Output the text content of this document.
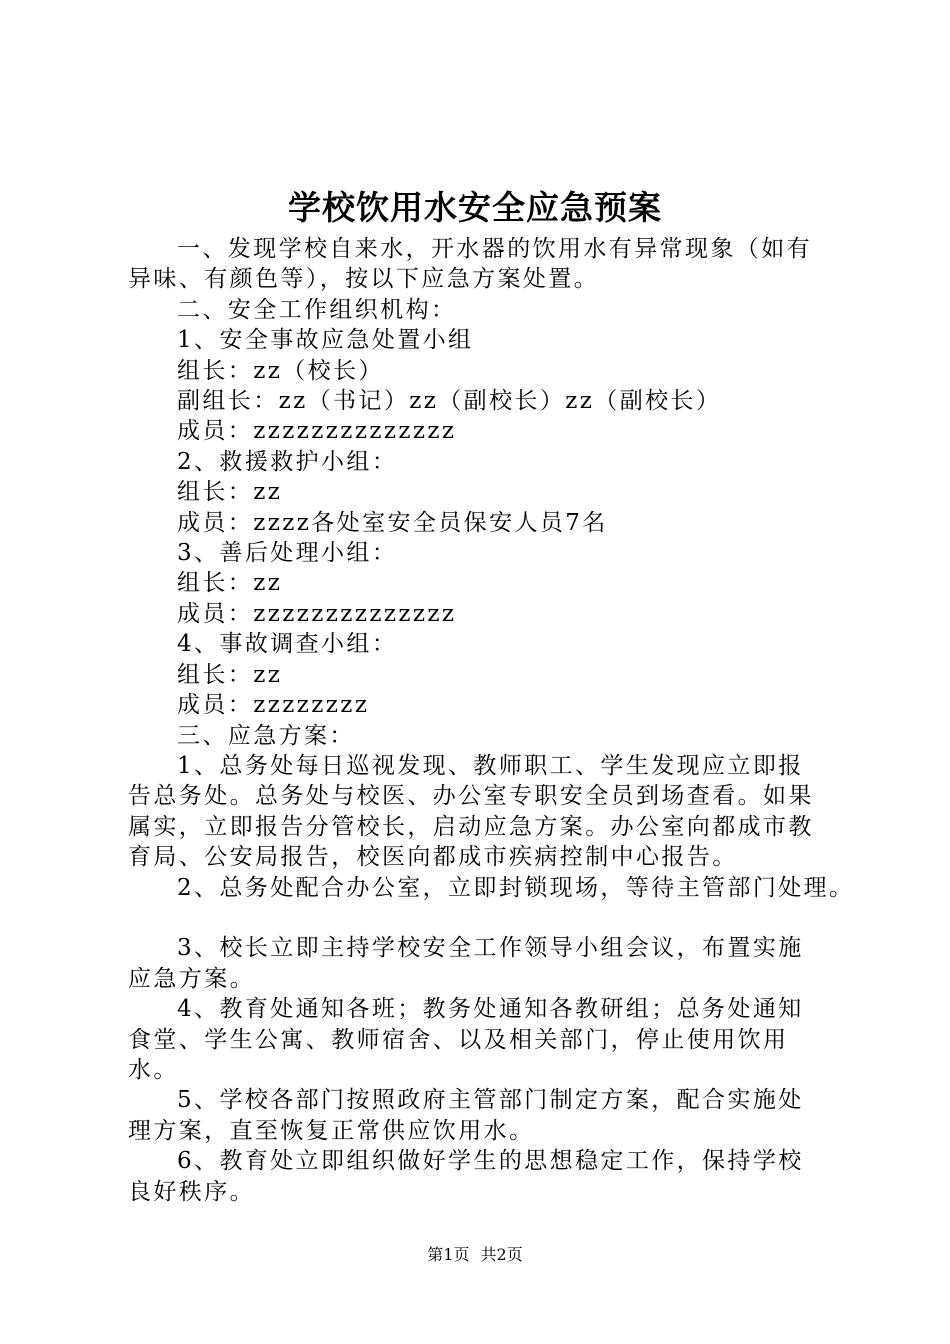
学校饮用水安全应急预案

一、发现学校自来水，开水器的饮用水有异常现象（如有异味、有颜色等），按以下应急方案处置。

二、安全工作组织机构：

1、安全事故应急处置小组

组长：zz（校长）

副组长：zz（书记）zz（副校长）zz（副校长）

成员：zzzzzzzzzzzzzz

2、救援救护小组：

组长：zz

成员：zzzz各处室安全员保安人员7名

3、善后处理小组：

组长：zz

成员：zzzzzzzzzzzzzz

4、事故调查小组：

组长：zz

成员：zzzzzzzz

三、应急方案：

1、总务处每日巡视发现、教师职工、学生发现应立即报告总务处。总务处与校医、办公室专职安全员到场查看。如果属实，立即报告分管校长，启动应急方案。办公室向都成市教育局、公安局报告，校医向都成市疾病控制中心报告。

2、总务处配合办公室，立即封锁现场，等待主管部门处理。

3、校长立即主持学校安全工作领导小组会议，布置实施应急方案。

4、教育处通知各班；教务处通知各教研组；总务处通知食堂、学生公寓、教师宿舍、以及相关部门，停止使用饮用水。

5、学校各部门按照政府主管部门制定方案，配合实施处理方案，直至恢复正常供应饮用水。

6、教育处立即组织做好学生的思想稳定工作，保持学校良好秩序。

第1页 共2页
